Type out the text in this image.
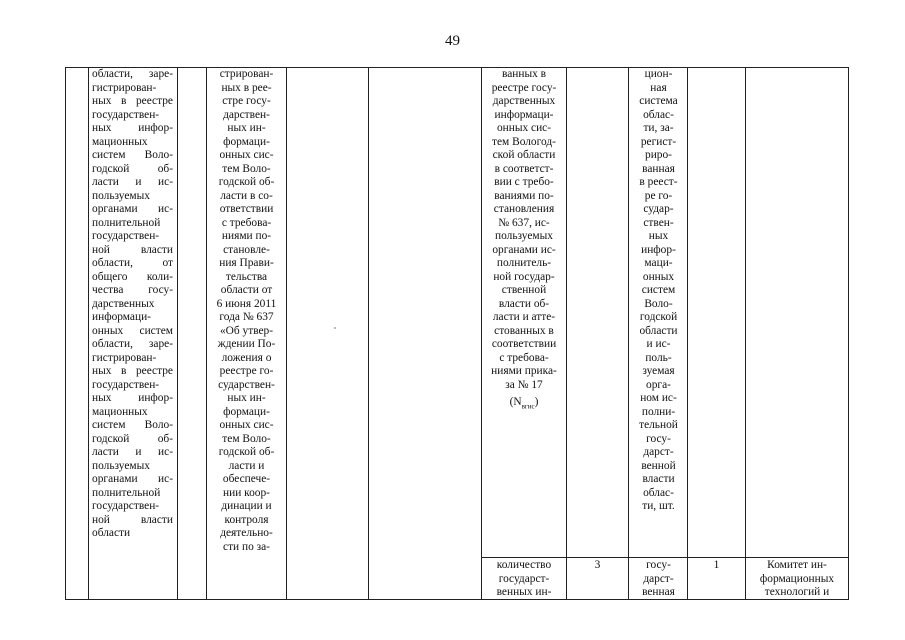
49
области, заре-
гистрирован-
ных в реестре
государствен-
ных инфор-
мационных
систем Воло-
годской об-
ласти и ис-
пользуемых
органами ис-
полнительной
государствен-
ной власти
области, от
общего коли-
чества госу-
дарственных
информаци-
онных систем
области, заре-
гистрирован-
ных в реестре
государствен-
ных инфор-
мационных
систем Воло-
годской об-
ласти и ис-
пользуемых
органами ис-
полнительной
государствен-
ной власти
области
стрирован-
ных в рее-
стре госу-
дарствен-
ных ин-
формаци-
онных сис-
тем Воло-
годской об-
ласти в со-
ответствии
с требова-
ниями по-
становле-
ния Прави-
тельства
области от
6 июня 2011
года № 637
«Об утвер-
ждении По-
ложения о
реестре го-
сударствен-
ных ин-
формаци-
онных сис-
тем Воло-
годской об-
ласти и
обеспече-
нии коор-
динации и
контроля
деятельно-
сти по за-
ванных в
реестре госу-
дарственных
информаци-
онных сис-
тем Вологод-
ской области
в соответст-
вии с требо-
ваниями по-
становления
№ 637, ис-
пользуемых
органами ис-
полнитель-
ной государ-
ственной
власти об-
ласти и атте-
стованных в
соответствии
с требова-
ниями прика-
за № 17
$(N_{вгис})$
цион-
ная
система
облас-
ти, за-
регист-
риро-
ванная
в реест-
ре го-
судар-
ствен-
ных
инфор-
маци-
онных
систем
Воло-
годской
области
и ис-
поль-
зуемая
орга-
ном ис-
полни-
тельной
госу-
дарст-
венной
власти
облас-
ти, шт.
количество
государст-
венных ин-
3	госу-
дарст-
венная
1	Комитет ин-
формационных
технологий и
